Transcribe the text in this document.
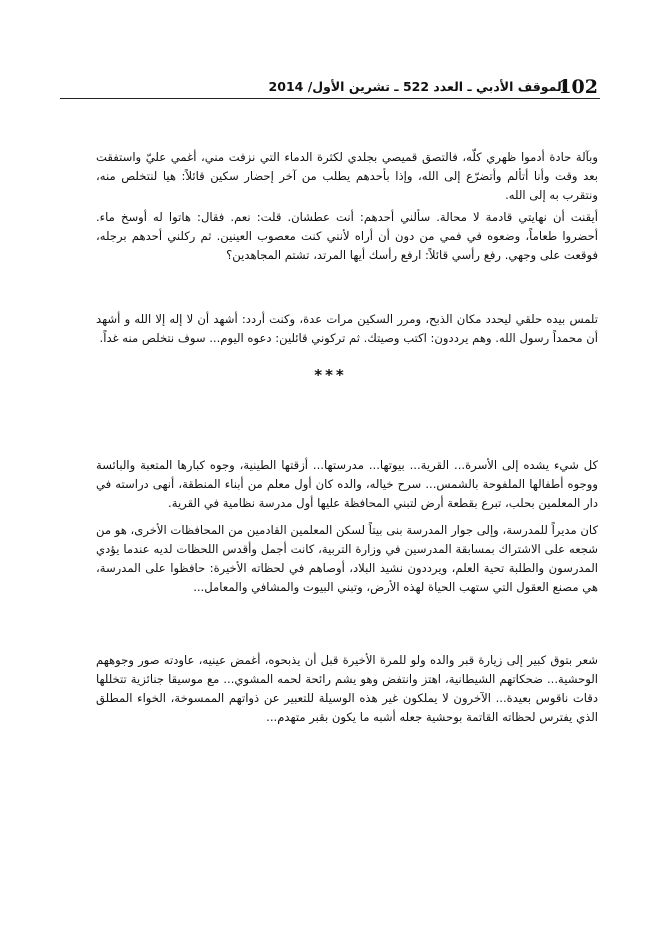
102
الموقف الأدبي ـ العدد 522 ـ تشرين الأول/ 2014

وبآلة حادة أدموا ظهري كلّه، فالتصق قميصي بجلدي لكثرة الدماء التي نزفت مني، أغمي عليّ واستفقت بعد وقت وأنا أتألم وأتضرّع إلى الله، وإذا بأحدهم يطلب من آخر إحضار سكين قائلاً: هيا لنتخلص منه، ونتقرب به إلى الله.

أيقنت أن نهايتي قادمة لا محالة. سألني أحدهم: أنت عطشان. قلت: نعم. فقال: هاتوا له أوسخ ماء. أحضروا طعاماً، وضعوه في فمي من دون أن أراه لأنني كنت معصوب العينين. ثم ركلني أحدهم برجله، فوقعت على وجهي. رفع رأسي قائلاً: ارفع رأسك أيها المرتد، تشتم المجاهدين؟

تلمس بيده حلقي ليحدد مكان الذبح، ومرر السكين مرات عدة، وكنت أردد: أشهد أن لا إله إلا الله و أشهد أن محمداً رسول الله. وهم يرددون: اكتب وصيتك. ثم تركوني قائلين: دعوه اليوم... سوف نتخلص منه غداً.

***

كل شيء يشده إلى الأسرة... القرية... بيوتها... مدرستها... أزقتها الطينية، وجوه كبارها المتعبة والبائسة ووجوه أطفالها الملفوحة بالشمس... سرح خياله، والده كان أول معلم من أبناء المنطقة، أنهى دراسته في دار المعلمين بحلب، تبرع بقطعة أرض لتبني المحافظة عليها أول مدرسة نظامية في القرية.

كان مديراً للمدرسة، وإلى جوار المدرسة بنى بيتاً لسكن المعلمين القادمين من المحافظات الأخرى، هو من شجعه على الاشتراك بمسابقة المدرسين في وزارة التربية، كانت أجمل وأقدس اللحظات لديه عندما يؤدي المدرسون والطلبة تحية العلم، ويرددون نشيد البلاد، أوصاهم في لحظاته الأخيرة: حافظوا على المدرسة، هي مصنع العقول التي ستهب الحياة لهذه الأرض، وتبني البيوت والمشافي والمعامل...

شعر بتوق كبير إلى زيارة قبر والده ولو للمرة الأخيرة قبل أن يذبحوه، أغمض عينيه، عاودته صور وجوههم الوحشية... ضحكاتهم الشيطانية، اهتز وانتفض وهو يشم رائحة لحمه المشوي... مع موسيقا جنائزية تتخللها دقات ناقوس بعيدة... الآخرون لا يملكون غير هذه الوسيلة للتعبير عن ذواتهم الممسوخة، الخواء المطلق الذي يفترس لحظاته القاتمة بوحشية جعله أشبه ما يكون بقبر متهدم...
